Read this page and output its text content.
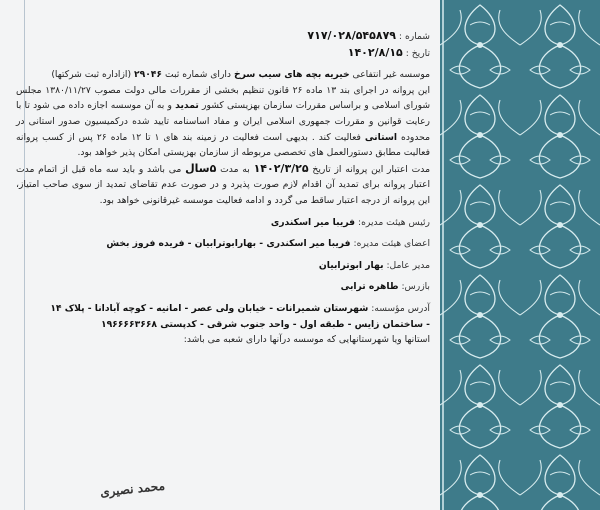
شماره : ۷۱۷/۰۲۸/۵۴۵۸۷۹
تاریخ : ۱۴۰۲/۸/۱۵
موسسه غیر انتفاعی خیریه بچه های سیب سرخ دارای شماره ثبت ۲۹۰۴۶ (ازاداره ثبت شرکتها)
این پروانه در اجرای بند ۱۳ ماده ۲۶ قانون تنظیم بخشی از مقررات مالی دولت مصوب ۱۳۸۰/۱۱/۲۷ مجلس شورای اسلامی و براساس مقررات سازمان بهزیستی کشور تمدید و به آن موسسه اجازه داده می شود تا با رعایت قوانین و مقررات جمهوری اسلامی ایران و مفاد اساسنامه تایید شده درکمیسیون صدور استانی در محدوده استانی فعالیت کند . بدیهی است فعالیت در زمینه بند های ۱ تا ۱۲ ماده ۲۶ پس از کسب پروانه فعالیت مطابق دستورالعمل های تخصصی مربوطه از سازمان بهزیستی امکان پذیر خواهد بود.
مدت اعتبار این پروانه از تاریخ ۱۴۰۲/۳/۲۵ به مدت ۵سال می باشد و باید سه ماه قبل از اتمام مدت اعتبار پروانه برای تمدید آن اقدام لازم صورت پذیرد و در صورت عدم تقاضای تمدید از سوی صاحب امتیاز، این پروانه از درجه اعتبار ساقط می گردد و ادامه فعالیت موسسه غیرقانونی خواهد بود.
رئیس هیئت مدیره: فریبا میر اسکندری
اعضای هیئت مدیره: فریبا میر اسکندری - بهارابوترابیان - فریده فروز بخش
مدیر عامل: بهار ابوترابیان
بازرس: طاهره ترابی
آدرس مؤسسه: شهرستان شمیرانات - خیابان ولی عصر - امانیه - کوچه آبادانا - پلاک ۱۴
- ساختمان زایس - طبقه اول - واحد جنوب شرقی - کدپستی ۱۹۶۶۶۶۳۶۶۸
استانها ویا شهرستانهایی که موسسه درآنها دارای شعبه می باشد:
محمد نصیری
